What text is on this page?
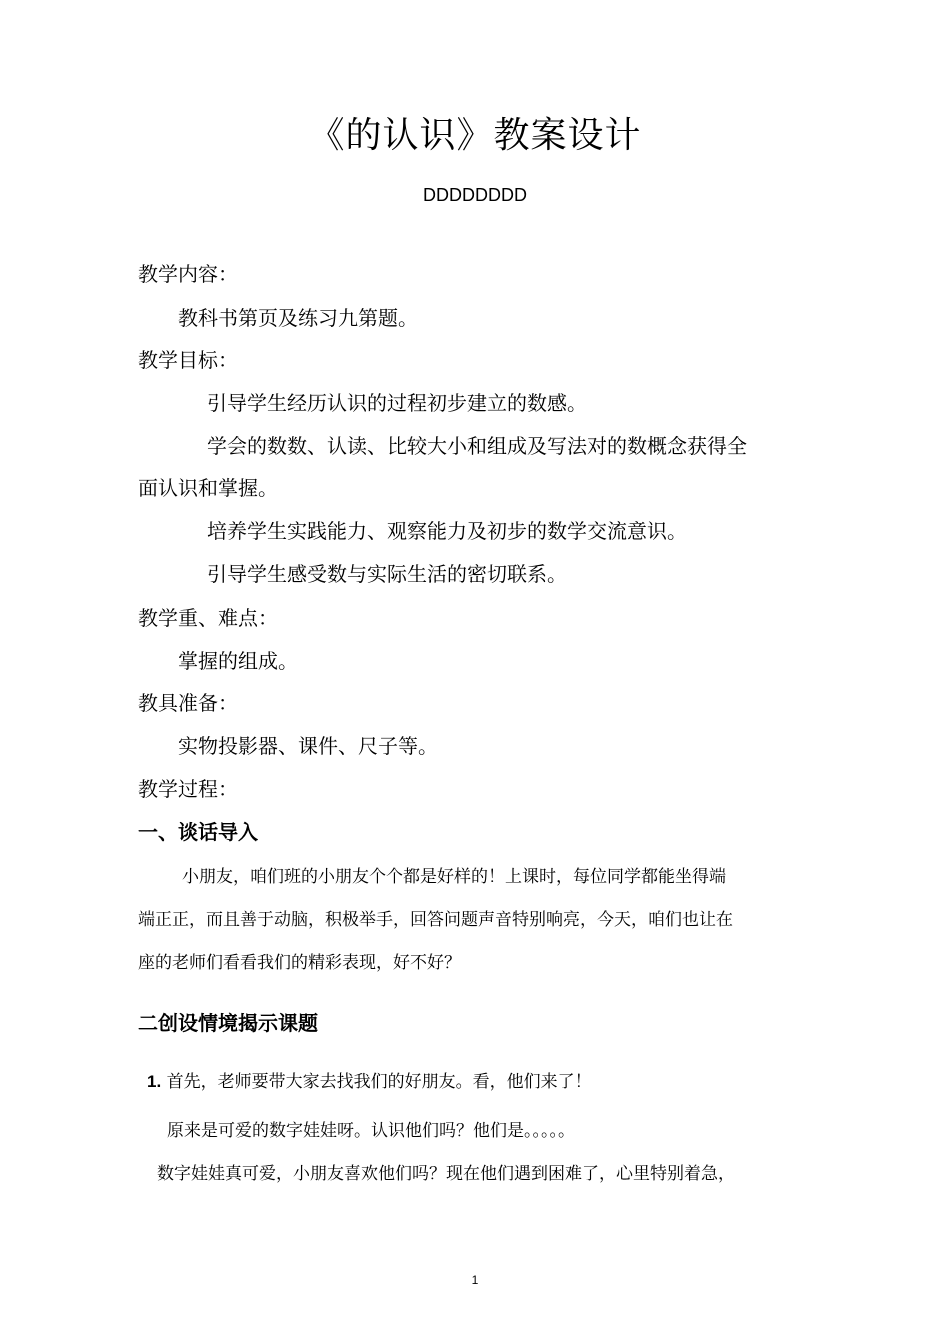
《的认识》教案设计
DDDDDDDD
教学内容：
教科书第页及练习九第题。
教学目标：
引导学生经历认识的过程初步建立的数感。
学会的数数、认读、比较大小和组成及写法对的数概念获得全
面认识和掌握。
培养学生实践能力、观察能力及初步的数学交流意识。
引导学生感受数与实际生活的密切联系。
教学重、难点：
掌握的组成。
教具准备：
实物投影器、课件、尺子等。
教学过程：
一、谈话导入
小朋友，咱们班的小朋友个个都是好样的！上课时，每位同学都能坐得端
端正正，而且善于动脑，积极举手，回答问题声音特别响亮，今天，咱们也让在
座的老师们看看我们的精彩表现，好不好？
二创设情境揭示课题
1. 首先，老师要带大家去找我们的好朋友。看，他们来了！
原来是可爱的数字娃娃呀。认识他们吗？他们是。。。。。
数字娃娃真可爱，小朋友喜欢他们吗？现在他们遇到困难了，心里特别着急，
1
